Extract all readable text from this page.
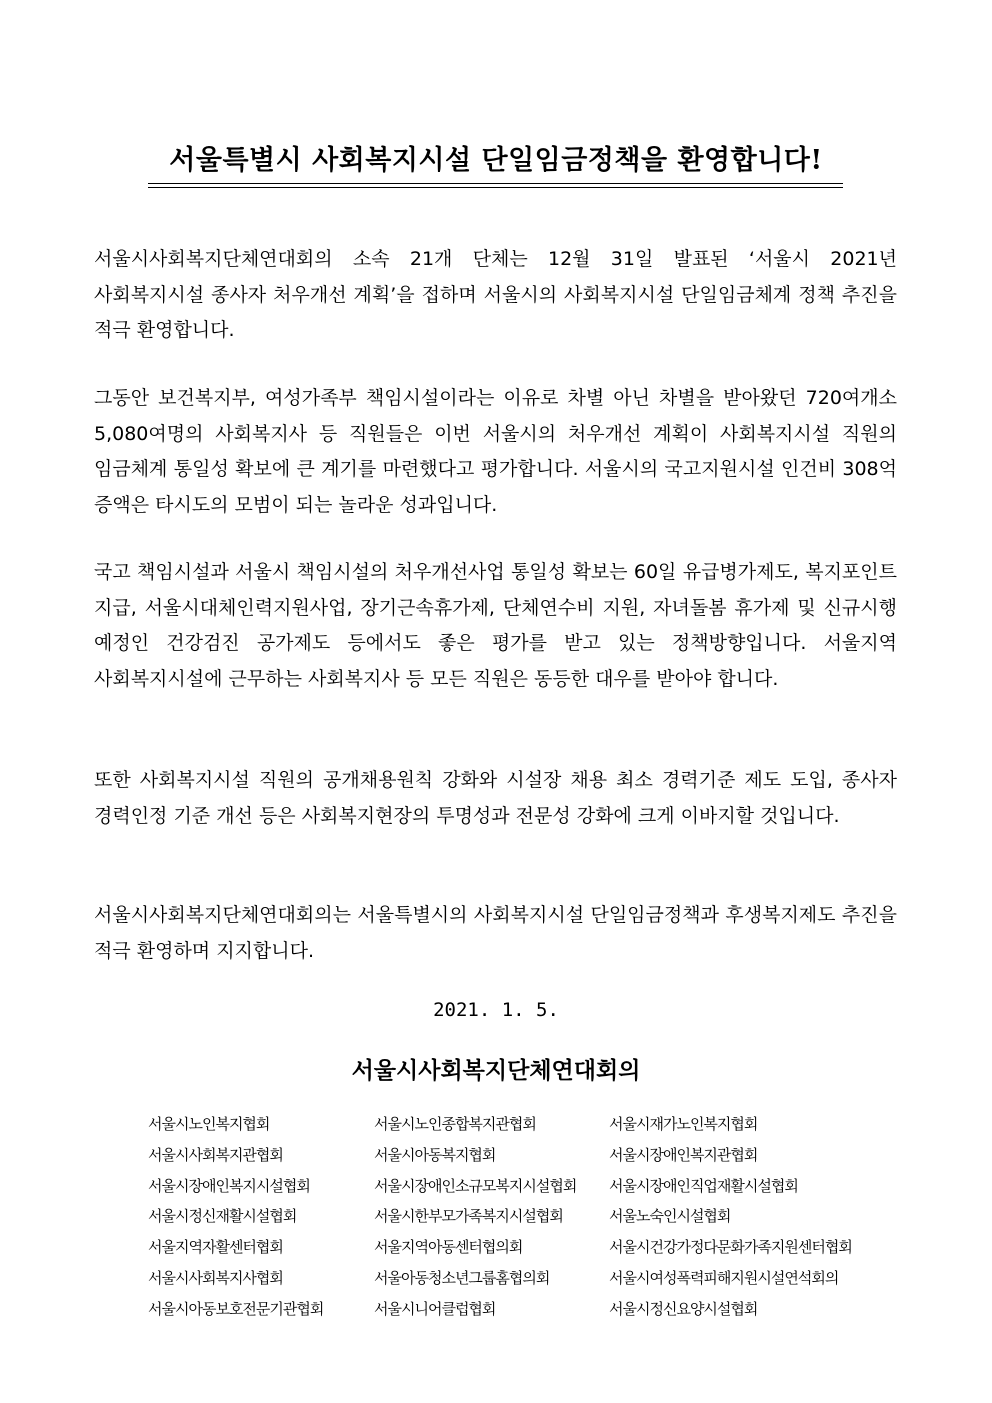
서울특별시 사회복지시설 단일임금정책을 환영합니다!

서울시사회복지단체연대회의 소속 21개 단체는 12월 31일 발표된 ‘서울시 2021년 사회복지시설 종사자 처우개선 계획’을 접하며 서울시의 사회복지시설 단일임금체계 정책 추진을 적극 환영합니다.

그동안 보건복지부, 여성가족부 책임시설이라는 이유로 차별 아닌 차별을 받아왔던 720여개소 5,080여명의 사회복지사 등 직원들은 이번 서울시의 처우개선 계획이 사회복지시설 직원의 임금체계 통일성 확보에 큰 계기를 마련했다고 평가합니다. 서울시의 국고지원시설 인건비 308억 증액은 타시도의 모범이 되는 놀라운 성과입니다.

국고 책임시설과 서울시 책임시설의 처우개선사업 통일성 확보는 60일 유급병가제도, 복지포인트 지급, 서울시대체인력지원사업, 장기근속휴가제, 단체연수비 지원, 자녀돌봄 휴가제 및 신규시행 예정인 건강검진 공가제도 등에서도 좋은 평가를 받고 있는 정책방향입니다. 서울지역 사회복지시설에 근무하는 사회복지사 등 모든 직원은 동등한 대우를 받아야 합니다.

또한 사회복지시설 직원의 공개채용원칙 강화와 시설장 채용 최소 경력기준 제도 도입, 종사자 경력인정 기준 개선 등은 사회복지현장의 투명성과 전문성 강화에 크게 이바지할 것입니다.

서울시사회복지단체연대회의는 서울특별시의 사회복지시설 단일임금정책과 후생복지제도 추진을 적극 환영하며 지지합니다.

2021. 1. 5.
서울시사회복지단체연대회의
서울시노인복지협회	서울시노인종합복지관협회	서울시재가노인복지협회
서울시사회복지관협회	서울시아동복지협회	서울시장애인복지관협회
서울시장애인복지시설협회	서울시장애인소규모복지시설협회	서울시장애인직업재활시설협회
서울시정신재활시설협회	서울시한부모가족복지시설협회	서울노숙인시설협회
서울지역자활센터협회	서울지역아동센터협의회	서울시건강가정다문화가족지원센터협회
서울시사회복지사협회	서울아동청소년그룹홈협의회	서울시여성폭력피해지원시설연석회의
서울시아동보호전문기관협회	서울시니어클럽협회	서울시정신요양시설협회
